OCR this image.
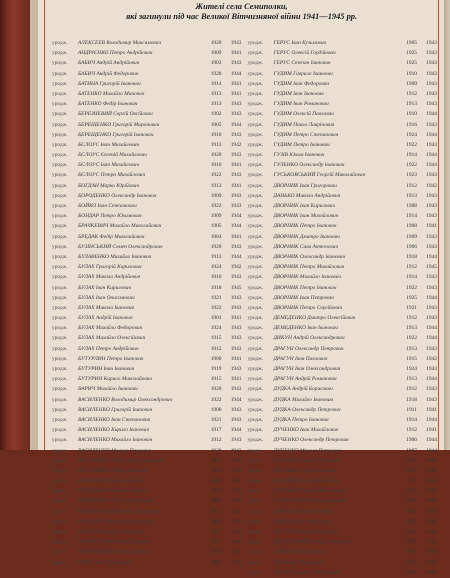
Жителі села Семиполки,
які загинули під час Великої Вітчизняної війни 1941—1945 рр.
уродж.	АЛЕКСЕЕВ Володимир Максимович	1920	1943
уродж.	АНДРІЄНКО Петро Андрійович	1909	1941
уродж.	БАБИЧ Андрій Андрійович	1903	1943
уродж.	БАБИЧ Андрій Федорович	1928	1944
уродж.	БАТИНА Григорій Іванович	1914	1941
уродж.	БАТЕНКО Михайло Минович	1913	1941
уродж.	БАТЕНКО Федір Іванович	1913	1943
уродж.	БЕРЕЗНЕВИЙ Сергій Овсійович	1902	1943
уродж.	БЕРЕЩЕНКО Григорій Миронович	1905	1944
уродж.	БЕРЕЩЕНКО Григорій Іванович	1910	1943
уродж.	БЄЛОУС Іван Михайлович	1913	1942
уродж.	БЄЛОУС Євгеній Михайлович	1920	1943
уродж.	БЄЛОУС Іван Михайлович	1910	1941
уродж.	БЄЛОУС Петро Михайлович	1922	1943
уродж.	БОГДАН Марко Юрійович	1913	1941
уродж.	БОРОДЕНКО Олександр Іванович	1909	1943
уродж.	БОЙКО Іван Степанович	1922	1943
уродж.	БОНДАР Петро Юхимович	1909	1944
уродж.	БРАЧКЕВИЧ Михайло Миколайович	1905	1944
уродж.	БРЕДАК Федір Миколайович	1904	1941
уродж.	БУЗІНСЬКИЙ Семен Олександрович	1920	1943
уродж.	БУЛАВЕНКО Михайло Іванович	1913	1944
уродж.	БУЛАХ Григорій Кирилович	1924	1942
уродж.	БУЛАХ Микола Андрійович	1910	1943
уродж.	БУЛАХ Іван Кирилович	1918	1945
уродж.	БУЛАХ Іван Онисимович	1921	1943
уродж.	БУЛАХ Микола Іванович	1922	1943
уродж.	БУЛАХ Андрій Іванович	1901	1941
уродж.	БУЛАХ Михайло Федорович	1924	1943
уродж.	БУЛАХ Михайло Олексійович	1915	1943
уродж.	БУЛАХ Петро Андрійович	1912	1943
уродж.	БУТУРЛИН Петро Іванович	1900	1941
уродж.	БУТУРИН Іван Іванович	1919	1943
уродж.	БУТУРИН Кирило Миколайович	1915	1941
уродж.	ВАРИЧ Михайло Іванович	1920	1943
уродж.	ВАСИЛЕНКО Володимир Олександрович	1922	1944
уродж.	ВАСИЛЕНКО Григорій Іванович	1900	1943
уродж.	ВАСИЛЕНКО Іван Степанович	1921	1943
уродж.	ВАСИЛЕНКО Кирило Іванович	1917	1944
уродж.	ВАСИЛЕНКО Михайло Іванович	1912	1943
уродж.	ВАСИЛЕНКО Микола Павлович	1920	1943
уродж.	ВАСИЛЕНКО Петро Митрофанович	1915	1943
уродж.	ВАСИЛЕНКО Петро Іванович	1913	1944
уродж.	ВЕРЕЩАКА Петро Іванович	1909	1942
уродж.	ВЕРЕЩАКА Михайло Іванович	1913	1943
уродж.	ВЕРЕЩЕНКО Тихон Михайлович	1909	1944
уродж.	ВИШНЕВСЬКИЙ Федір Юхимович	1921	1943
уродж.	ВЛАСЕНКО Михайло Григорович	1905	1943
уродж.	ВЛАСОВ Максим Романович	1917	1943
уродж.	ГАВРИЛЕНКО Андрій Іванович	1910	1944
уродж.	ГАВРИЛЕНКО Петро Іванович	1920	1942
уродж.	ГЕРУС Іван Тимонович	1906	1943
уродж.	ГЕРУС Іван Кузьмович	1905	1943
уродж.	ГЕРУС Олексій Гордійович	1925	1943
уродж.	ГЕРУС Степан Іванович	1925	1943
уродж.	ГУДИМ Гаврило Іванович	1910	1943
уродж.	ГУДИМ Іван Федорович	1909	1943
уродж.	ГУДИМ Іван Іванович	1912	1943
уродж.	ГУДИМ Іван Романович	1913	1943
уродж.	ГУДИМ Олексій Павлович	1910	1944
уродж.	ГУДИМ Павло Лаврінович	1916	1943
уродж.	ГУДИМ Петро Степанович	1924	1944
уродж.	ГУДИМ Петро Іванович	1922	1943
уродж.	ГУЗІВ Юхим Іванович	1914	1944
уродж.	ГУЛЕНКО Олександр Іванович	1922	1944
уродж.	ГУСЬКОВСЬКИЙ Георгій Миколайович	1923	1943
уродж.	ДВОРНИК Іван Григорович	1912	1942
уродж.	ДАНЬКО Микола Андрійович	1913	1943
уродж.	ДВОРНИК Іван Кирилович	1908	1943
уродж.	ДВОРНИК Іван Михайлович	1914	1943
уродж.	ДВОРНИК Петро Іванович	1908	1941
уродж.	ДВОРНИК Дмитро Іванович	1909	1943
уродж.	ДВОРНИК Сава Антонович	1906	1943
уродж.	ДВОРНИК Олександр Іванович	1918	1944
уродж.	ДВОРНИК Петро Михайлович	1912	1945
уродж.	ДВОРНИК Михайло Іванович	1914	1943
уродж.	ДВОРНИК Петро Іванович	1922	1943
уродж.	ДВОРНИК Іван Петрович	1925	1944
уродж.	ДВОРНИК Петро Сергійович	1921	1943
уродж.	ДЕМЕДЕНКО Дмитро Олексійович	1912	1943
уродж.	ДЕМЕДЕНКО Іван Іванович	1913	1944
уродж.	ДИКУН Андрій Олександрович	1922	1944
уродж.	ДРАГУН Олександр Петрович	1913	1943
уродж.	ДРАГУН Іван Павлович	1915	1942
уродж.	ДРАГУН Іван Олександрович	1924	1943
уродж.	ДРАГУН Андрій Романович	1913	1944
уродж.	ДУДКА Андрій Борисович	1912	1943
уродж.	ДУДКА Михайло Іванович	1918	1943
уродж.	ДУДКА Олександр Петрович	1911	1941
уродж.	ДУДКА Петро Іванович	1914	1944
уродж.	ДУЧЕНКО Іван Михайлович	1912	1941
уродж.	ДУЧЕНКО Олександр Петрович	1906	1944
уродж.	ДУЧЕНКО Микола Петрович	1907	1944
уродж.	ДУЧЕНКО Петро Петрович	1923	1943
уродж.	ДУЧЕНКО Сергій Іванович	1920	1944
уродж.	ДУЧЕНКО Іван Михайлович	1907	1943
уродж.	ДУЧЕНКО Петро Миколайович	1914	1943
уродж.	ЄСМАНОВИЧ Микола Іванович	1897	1943
уродж.	ЖЕВЕДЬ Петро Іванович	1910	1943
уродж.	ЖЕВЕДЬ Іван Федорович	1902	1941
уродж.	ЗАГУЛА Микола Федорович	1912	1944
уродж.	ЗАГУМЕННИЙ Петро Петрович	1907	1943
уродж.	ЗАЇКА Андрій Іванович	1910	1944
уродж.	ЗАЇКА Іван Петрович	1920	1943
уродж.	ЗАЇКА Олександр Федорович	1897	1944
